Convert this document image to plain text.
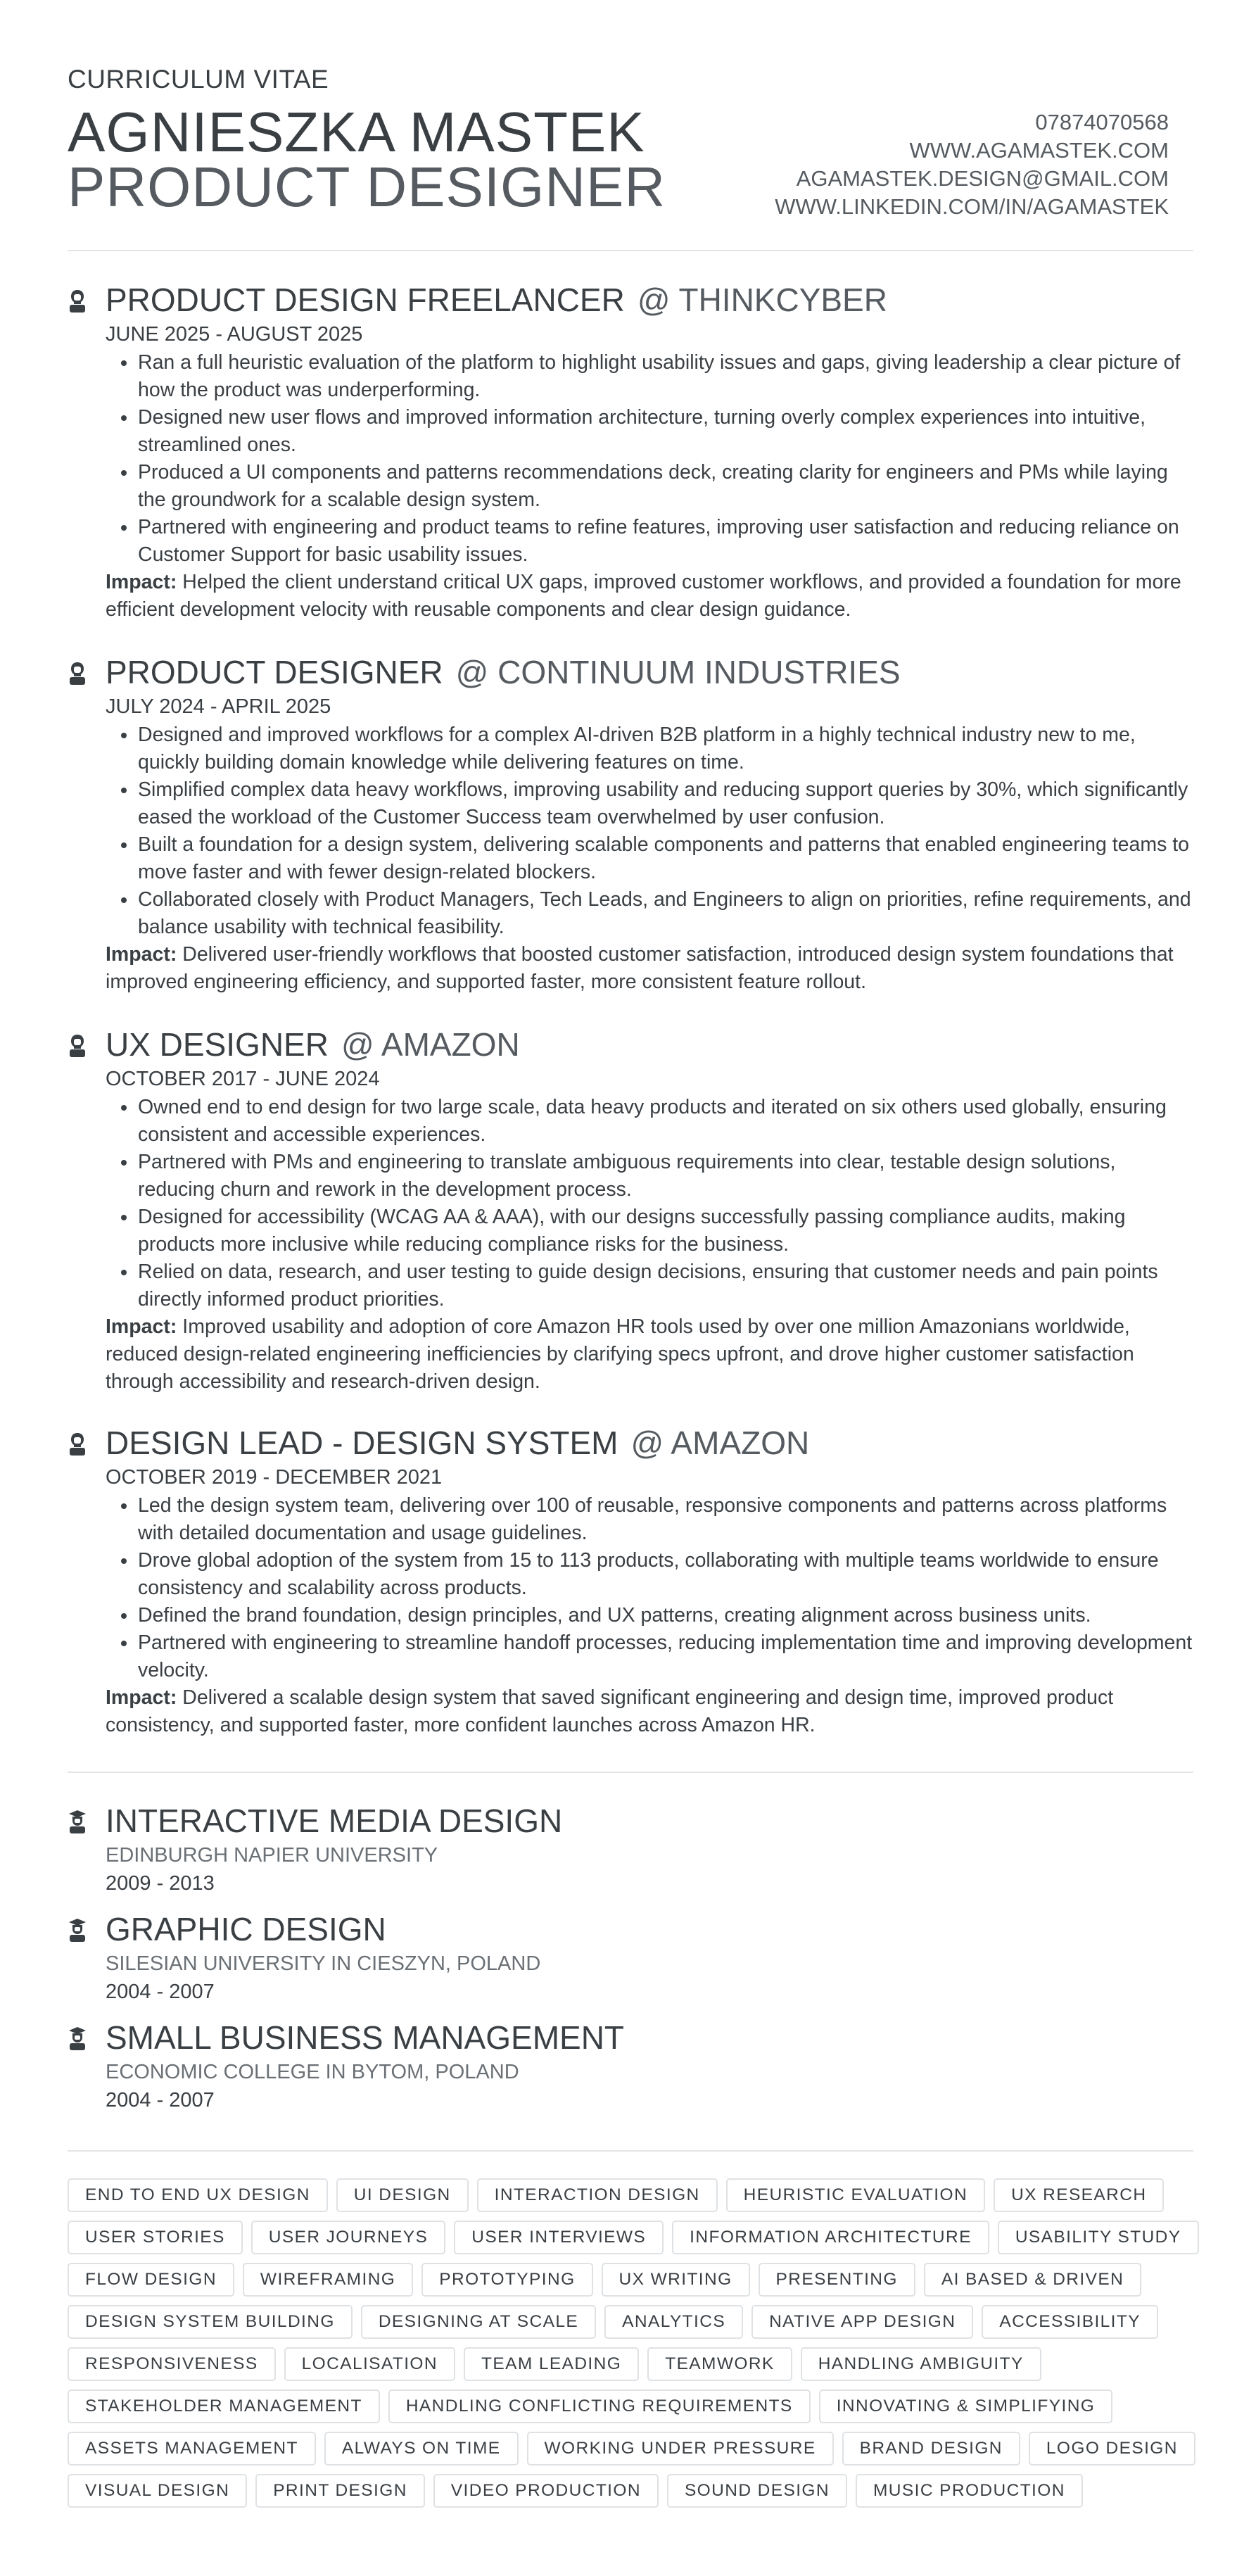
CURRICULUM VITAE
AGNIESZKA MASTEK
PRODUCT DESIGNER
07874070568
WWW.AGAMASTEK.COM
AGAMASTEK.DESIGN@GMAIL.COM
WWW.LINKEDIN.COM/IN/AGAMASTEK
PRODUCT DESIGN FREELANCER @ THINKCYBER
JUNE 2025 - AUGUST 2025
Ran a full heuristic evaluation of the platform to highlight usability issues and gaps, giving leadership a clear picture of how the product was underperforming.
Designed new user flows and improved information architecture, turning overly complex experiences into intuitive, streamlined ones.
Produced a UI components and patterns recommendations deck, creating clarity for engineers and PMs while laying the groundwork for a scalable design system.
Partnered with engineering and product teams to refine features, improving user satisfaction and reducing reliance on Customer Support for basic usability issues.
Impact: Helped the client understand critical UX gaps, improved customer workflows, and provided a foundation for more efficient development velocity with reusable components and clear design guidance.
PRODUCT DESIGNER @ CONTINUUM INDUSTRIES
JULY 2024 - APRIL 2025
Designed and improved workflows for a complex AI-driven B2B platform in a highly technical industry new to me, quickly building domain knowledge while delivering features on time.
Simplified complex data heavy workflows, improving usability and reducing support queries by 30%, which significantly eased the workload of the Customer Success team overwhelmed by user confusion.
Built a foundation for a design system, delivering scalable components and patterns that enabled engineering teams to move faster and with fewer design-related blockers.
Collaborated closely with Product Managers, Tech Leads, and Engineers to align on priorities, refine requirements, and balance usability with technical feasibility.
Impact: Delivered user-friendly workflows that boosted customer satisfaction, introduced design system foundations that improved engineering efficiency, and supported faster, more consistent feature rollout.
UX DESIGNER @ AMAZON
OCTOBER 2017 - JUNE 2024
Owned end to end design for two large scale, data heavy products and iterated on six others used globally, ensuring consistent and accessible experiences.
Partnered with PMs and engineering to translate ambiguous requirements into clear, testable design solutions, reducing churn and rework in the development process.
Designed for accessibility (WCAG AA & AAA), with our designs successfully passing compliance audits, making products more inclusive while reducing compliance risks for the business.
Relied on data, research, and user testing to guide design decisions, ensuring that customer needs and pain points directly informed product priorities.
Impact: Improved usability and adoption of core Amazon HR tools used by over one million Amazonians worldwide, reduced design-related engineering inefficiencies by clarifying specs upfront, and drove higher customer satisfaction through accessibility and research-driven design.
DESIGN LEAD - DESIGN SYSTEM @ AMAZON
OCTOBER 2019 - DECEMBER 2021
Led the design system team, delivering over 100 of reusable, responsive components and patterns across platforms with detailed documentation and usage guidelines.
Drove global adoption of the system from 15 to 113 products, collaborating with multiple teams worldwide to ensure consistency and scalability across products.
Defined the brand foundation, design principles, and UX patterns, creating alignment across business units.
Partnered with engineering to streamline handoff processes, reducing implementation time and improving development velocity.
Impact: Delivered a scalable design system that saved significant engineering and design time, improved product consistency, and supported faster, more confident launches across Amazon HR.
INTERACTIVE MEDIA DESIGN
EDINBURGH NAPIER UNIVERSITY
2009 - 2013
GRAPHIC DESIGN
SILESIAN UNIVERSITY IN CIESZYN, POLAND
2004 - 2007
SMALL BUSINESS MANAGEMENT
ECONOMIC COLLEGE IN BYTOM, POLAND
2004 - 2007
END TO END UX DESIGN	UI DESIGN	INTERACTION DESIGN	HEURISTIC EVALUATION	UX RESEARCH
USER STORIES	USER JOURNEYS	USER INTERVIEWS	INFORMATION ARCHITECTURE	USABILITY STUDY
FLOW DESIGN	WIREFRAMING	PROTOTYPING	UX WRITING	PRESENTING	AI BASED & DRIVEN
DESIGN SYSTEM BUILDING	DESIGNING AT SCALE	ANALYTICS	NATIVE APP DESIGN	ACCESSIBILITY
RESPONSIVENESS	LOCALISATION	TEAM LEADING	TEAMWORK	HANDLING AMBIGUITY
STAKEHOLDER MANAGEMENT	HANDLING CONFLICTING REQUIREMENTS	INNOVATING & SIMPLIFYING
ASSETS MANAGEMENT	ALWAYS ON TIME	WORKING UNDER PRESSURE	BRAND DESIGN	LOGO DESIGN
VISUAL DESIGN	PRINT DESIGN	VIDEO PRODUCTION	SOUND DESIGN	MUSIC PRODUCTION
